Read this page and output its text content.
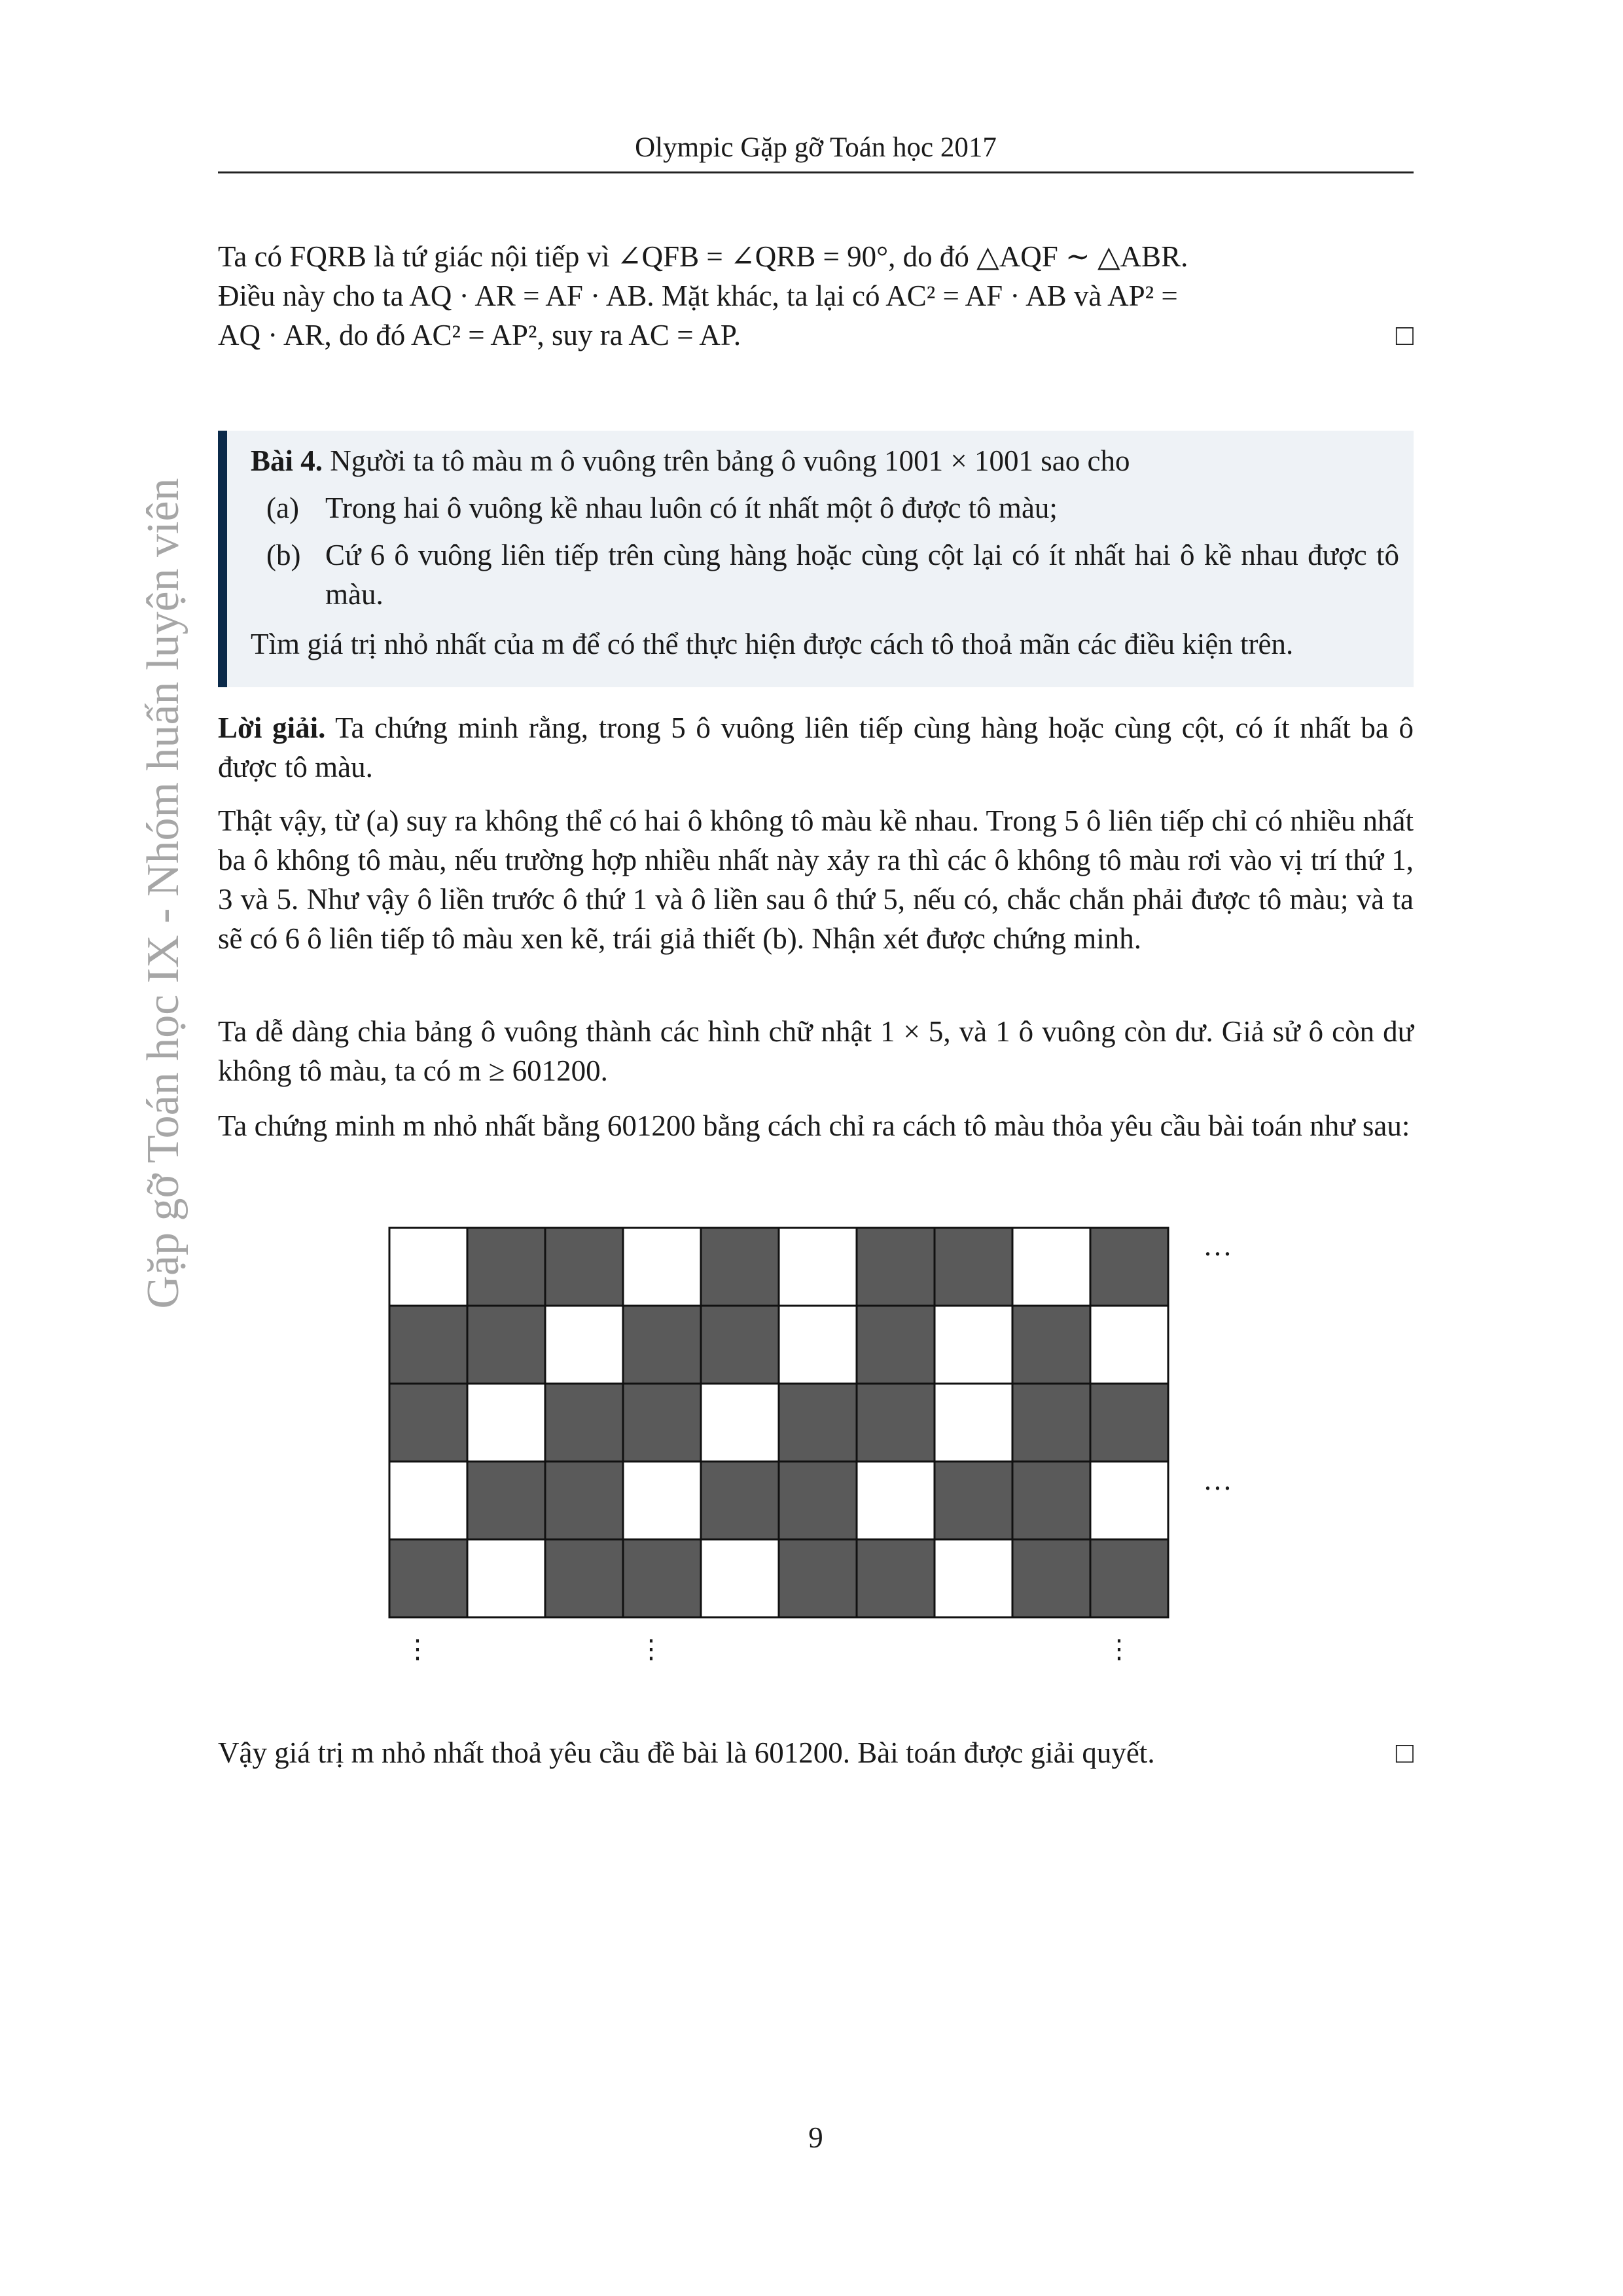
Olympic Gặp gỡ Toán học 2017
Gặp gỡ Toán học IX - Nhóm huấn luyện viên

Ta có FQRB là tứ giác nội tiếp vì ∠QFB = ∠QRB = 90°, do đó △AQF ∼ △ABR.

Điều này cho ta AQ · AR = AF · AB. Mặt khác, ta lại có AC² = AF · AB và AP² =

AQ · AR, do đó AC² = AP², suy ra AC = AP.	□

Bài 4. Người ta tô màu m ô vuông trên bảng ô vuông 1001 × 1001 sao cho

(a) Trong hai ô vuông kề nhau luôn có ít nhất một ô được tô màu;

(b) Cứ 6 ô vuông liên tiếp trên cùng hàng hoặc cùng cột lại có ít nhất hai ô kề nhau được tô màu.

Tìm giá trị nhỏ nhất của m để có thể thực hiện được cách tô thoả mãn các điều kiện trên.

Lời giải. Ta chứng minh rằng, trong 5 ô vuông liên tiếp cùng hàng hoặc cùng cột, có ít nhất ba ô được tô màu.

Thật vậy, từ (a) suy ra không thể có hai ô không tô màu kề nhau. Trong 5 ô liên tiếp chỉ có nhiều nhất ba ô không tô màu, nếu trường hợp nhiều nhất này xảy ra thì các ô không tô màu rơi vào vị trí thứ 1, 3 và 5. Như vậy ô liền trước ô thứ 1 và ô liền sau ô thứ 5, nếu có, chắc chắn phải được tô màu; và ta sẽ có 6 ô liên tiếp tô màu xen kẽ, trái giả thiết (b). Nhận xét được chứng minh.

Ta dễ dàng chia bảng ô vuông thành các hình chữ nhật 1 × 5, và 1 ô vuông còn dư. Giả sử ô còn dư không tô màu, ta có m ≥ 601200.

Ta chứng minh m nhỏ nhất bằng 601200 bằng cách chỉ ra cách tô màu thỏa yêu cầu bài toán như sau:

···
···
⋮	⋮	⋮

Vậy giá trị m nhỏ nhất thoả yêu cầu đề bài là 601200. Bài toán được giải quyết.	□

9
